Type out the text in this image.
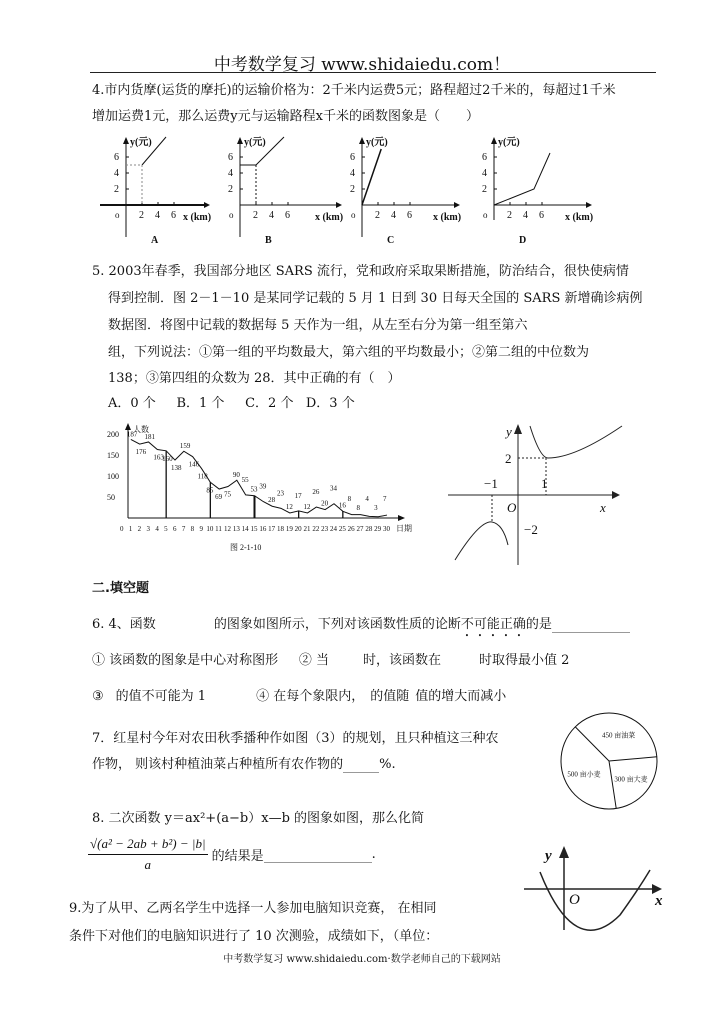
中考数学复习 www.shidaiedu.com！
4.市内货摩(运货的摩托)的运输价格为：2千米内运费5元；路程超过2千米的，每超过1千米
增加运费1元，那么运费y元与运输路程x千米的函数图象是（　　）
y(元)
x (km)
o
6
4
2
2 4 6
A
y(元)
x (km)
o
6
4
2
2 4 6
B
y(元)
x (km)
o
6
4
2
2 4 6
C
y(元)
x (km)
o
6
4
2
2 4 6
D
5. 2003年春季，我国部分地区 SARS 流行，党和政府采取果断措施，防治结合，很快使病情
得到控制．图 2－1－10 是某同学记载的 5 月 1 日到 30 日每天全国的 SARS 新增确诊病例
数据图．将图中记载的数据每 5 天作为一组，从左至右分为第一组至第六
组，下列说法：①第一组的平均数最大，第六组的平均数最小；②第二组的中位数为
138；③第四组的众数为 28．其中正确的有（　）
A．0 个 B．1 个 C．2 个 D．3 个
人数
日期
200
150
100
50
0 1 2 3 4 5 6 7 8 9 10 11 12 13 14 15 16 17 18 19 20 21 22 23 24 25 26 27 28 29 30
187
176
181
163
160
138
159
146
118
85
69 75
90
55
53 39
28
23
12
17
12
26
20
34
16
8
8
4
3
7
图 2-1-10
y
x
O
2
1
−1
−2
二.填空题
6. 4、函数	的图象如图所示，下列对该函数性质的论断不可能正确的是
① 该函数的图象是中心对称图形 ② 当	时，该函数在	时取得最小值 2
③ 的值不可能为 1	④ 在每个象限内， 的值随 值的增大而减小
7．红星村今年对农田秋季播种作如图（3）的规划，且只种植这三种农
作物， 则该村种植油菜占种植所有农作物的	%.
450 亩油菜
300 亩大麦
500 亩小麦
8. 二次函数 y＝ax²+(a−b）x—b 的图象如图，那么化简
$\frac{\text{√(a² − 2ab + b²) − |b|}}{a}$ 的结果是
	.	y
x
O
9.为了从甲、乙两名学生中选择一人参加电脑知识竞赛， 在相同
条件下对他们的电脑知识进行了 10 次测验，成绩如下，（单位：
中考数学复习 www.shidaiedu.com·数学老师自己的下载网站
